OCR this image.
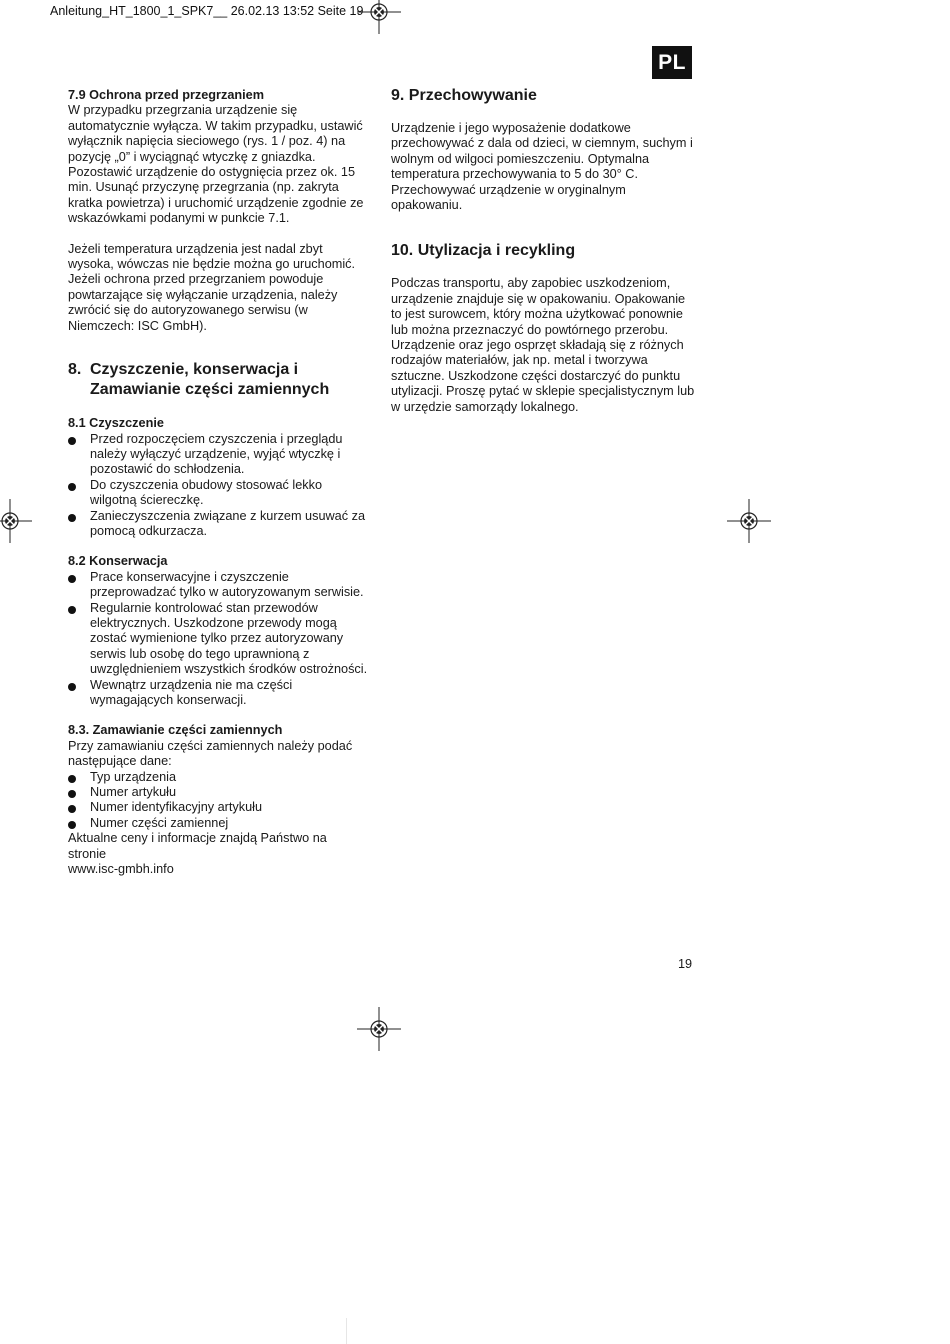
Anleitung_HT_1800_1_SPK7__ 26.02.13 13:52 Seite 19
PL

7.9 Ochrona przed przegrzaniem

W przypadku przegrzania urządzenie się
automatycznie wyłącza. W takim przypadku, ustawić
wyłącznik napięcia sieciowego (rys. 1 / poz. 4) na
pozycję „0” i wyciągnąć wtyczkę z gniazdka.
Pozostawić urządzenie do ostygnięcia przez ok. 15
min. Usunąć przyczynę przegrzania (np. zakryta
kratka powietrza) i uruchomić urządzenie zgodnie ze
wskazówkami podanymi w punkcie 7.1.

Jeżeli temperatura urządzenia jest nadal zbyt
wysoka, wówczas nie będzie można go uruchomić.
Jeżeli ochrona przed przegrzaniem powoduje
powtarzające się wyłączanie urządzenia, należy
zwrócić się do autoryzowanego serwisu (w
Niemczech: ISC GmbH).

8. Czyszczenie, konserwacja i
Zamawianie części zamiennych

8.1 Czyszczenie

Przed rozpoczęciem czyszczenia i przeglądu
należy wyłączyć urządzenie, wyjąć wtyczkę i
pozostawić do schłodzenia.
Do czyszczenia obudowy stosować lekko
wilgotną ściereczkę.
Zanieczyszczenia związane z kurzem usuwać za
pomocą odkurzacza.

8.2 Konserwacja

Prace konserwacyjne i czyszczenie
przeprowadzać tylko w autoryzowanym serwisie.
Regularnie kontrolować stan przewodów
elektrycznych. Uszkodzone przewody mogą
zostać wymienione tylko przez autoryzowany
serwis lub osobę do tego uprawnioną z
uwzględnieniem wszystkich środków ostrożności.
Wewnątrz urządzenia nie ma części
wymagających konserwacji.

8.3. Zamawianie części zamiennych

Przy zamawianiu części zamiennych należy podać
następujące dane:

Typ urządzenia
Numer artykułu
Numer identyfikacyjny artykułu
Numer części zamiennej

Aktualne ceny i informacje znajdą Państwo na stronie
www.isc-gmbh.info

9. Przechowywanie

Urządzenie i jego wyposażenie dodatkowe
przechowywać z dala od dzieci, w ciemnym, suchym i
wolnym od wilgoci pomieszczeniu. Optymalna
temperatura przechowywania to 5 do 30° C.
Przechowywać urządzenie w oryginalnym
opakowaniu.

10. Utylizacja i recykling

Podczas transportu, aby zapobiec uszkodzeniom,
urządzenie znajduje się w opakowaniu. Opakowanie
to jest surowcem, który można użytkować ponownie
lub można przeznaczyć do powtórnego przerobu.
Urządzenie oraz jego osprzęt składają się z różnych
rodzajów materiałów, jak np. metal i tworzywa
sztuczne. Uszkodzone części dostarczyć do punktu
utylizacji. Proszę pytać w sklepie specjalistycznym lub
w urzędzie samorządy lokalnego.

19
